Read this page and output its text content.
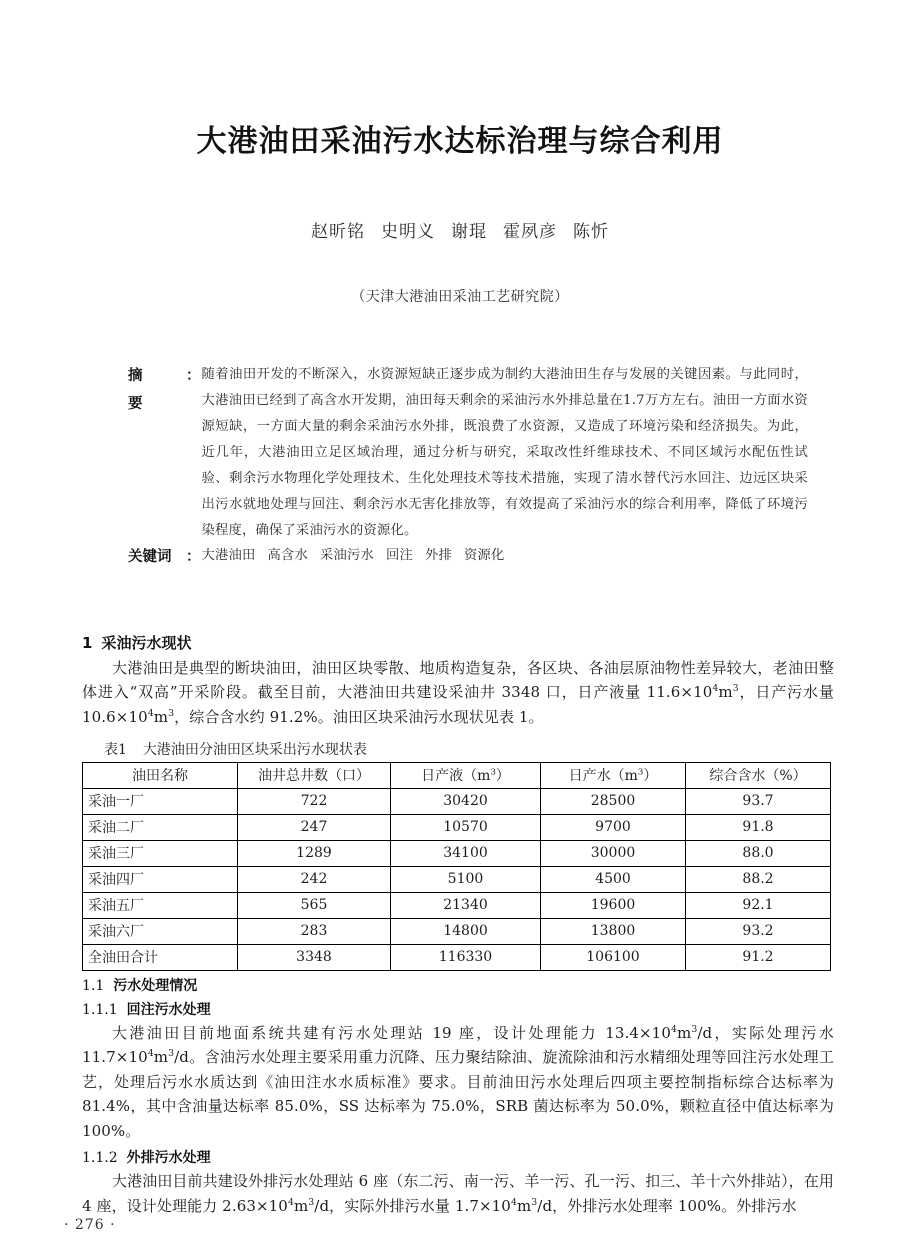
大港油田采油污水达标治理与综合利用
赵昕铭 史明义 谢琨 霍夙彦 陈忻
（天津大港油田采油工艺研究院）
摘　要
： 随着油田开发的不断深入，水资源短缺正逐步成为制约大港油田生存与发展的关键因素。与此同时，大港油田已经到了高含水开发期，油田每天剩余的采油污水外排总量在1.7万方左右。油田一方面水资源短缺，一方面大量的剩余采油污水外排，既浪费了水资源，又造成了环境污染和经济损失。为此，近几年，大港油田立足区域治理，通过分析与研究，采取改性纤维球技术、不同区域污水配伍性试验、剩余污水物理化学处理技术、生化处理技术等技术措施，实现了清水替代污水回注、边远区块采出污水就地处理与回注、剩余污水无害化排放等，有效提高了采油污水的综合利用率，降低了环境污染程度，确保了采油污水的资源化。
关键词	： 大港油田 高含水 采油污水 回注 外排 资源化
1 采油污水现状

大港油田是典型的断块油田，油田区块零散、地质构造复杂，各区块、各油层原油物性差异较大，老油田整体进入“双高”开采阶段。截至目前，大港油田共建设采油井 3348 口，日产液量 $11.6\times 10^4m^3$，日产污水量 $10.6\times 10^4m^3$，综合含水约 91.2%。油田区块采油污水现状见表 1。

表1 大港油田分油田区块采出污水现状表
油田名称	油井总井数（口）	日产液$(m^3)$	日产水$(m^3)$	综合含水（%）
采油一厂	722	30420	28500	93.7
采油二厂	247	10570	9700	91.8
采油三厂	1289	34100	30000	88.0
采油四厂	242	5100	4500	88.2
采油五厂	565	21340	19600	92.1
采油六厂	283	14800	13800	93.2
全油田合计	3348	116330	106100	91.2
1.1 污水处理情况
1.1.1 回注污水处理

大港油田目前地面系统共建有污水处理站 19 座，设计处理能力 $13.4\times 10^4m^3/d$，实际处理污水 $11.7\times 10^4m^3/d$。含油污水处理主要采用重力沉降、压力聚结除油、旋流除油和污水精细处理等回注污水处理工艺，处理后污水水质达到《油田注水水质标准》要求。目前油田污水处理后四项主要控制指标综合达标率为 81.4%，其中含油量达标率 85.0%，SS 达标率为 75.0%，SRB 菌达标率为 50.0%，颗粒直径中值达标率为 100%。

1.1.2 外排污水处理

大港油田目前共建设外排污水处理站 6 座（东二污、南一污、羊一污、孔一污、扣三、羊十六外排站），在用 4 座，设计处理能力 $2.63\times 10^4m^3/d$，实际外排污水量 $1.7\times 10^4m^3/d$，外排污水处理率 100%。外排污水

· 276 ·
